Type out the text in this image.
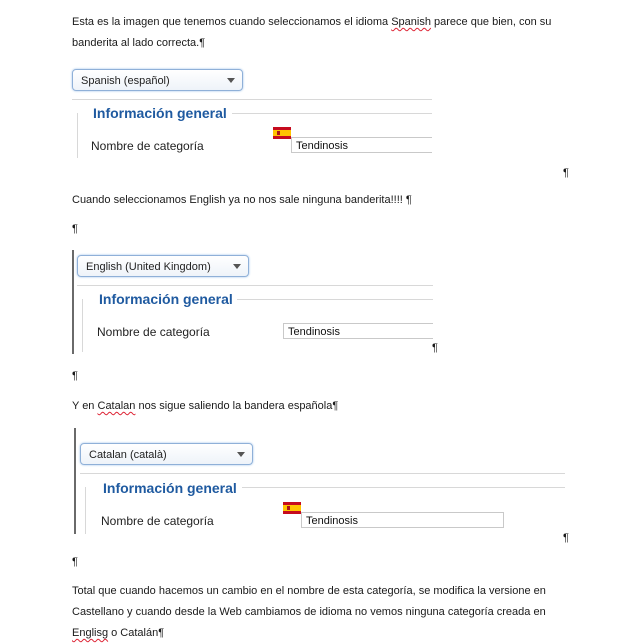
Esta es la imagen que tenemos cuando seleccionamos el idioma Spanish parece que bien, con su banderita al lado correcta.¶
Spanish (español)
Información general
Nombre de categoría	Tendinosis
¶
Cuando seleccionamos English ya no nos sale ninguna banderita!!!! ¶
¶
English (United Kingdom)
Información general
Nombre de categoría	Tendinosis
¶
¶
Y en Catalan nos sigue saliendo la bandera española¶
Catalan (català)
Información general
Nombre de categoría	Tendinosis
¶
¶
Total que cuando hacemos un cambio en el nombre de esta categoría, se modifica la versione en Castellano y cuando desde la Web cambiamos de idioma no vemos ninguna categoría creada en Englisg o Catalán¶
